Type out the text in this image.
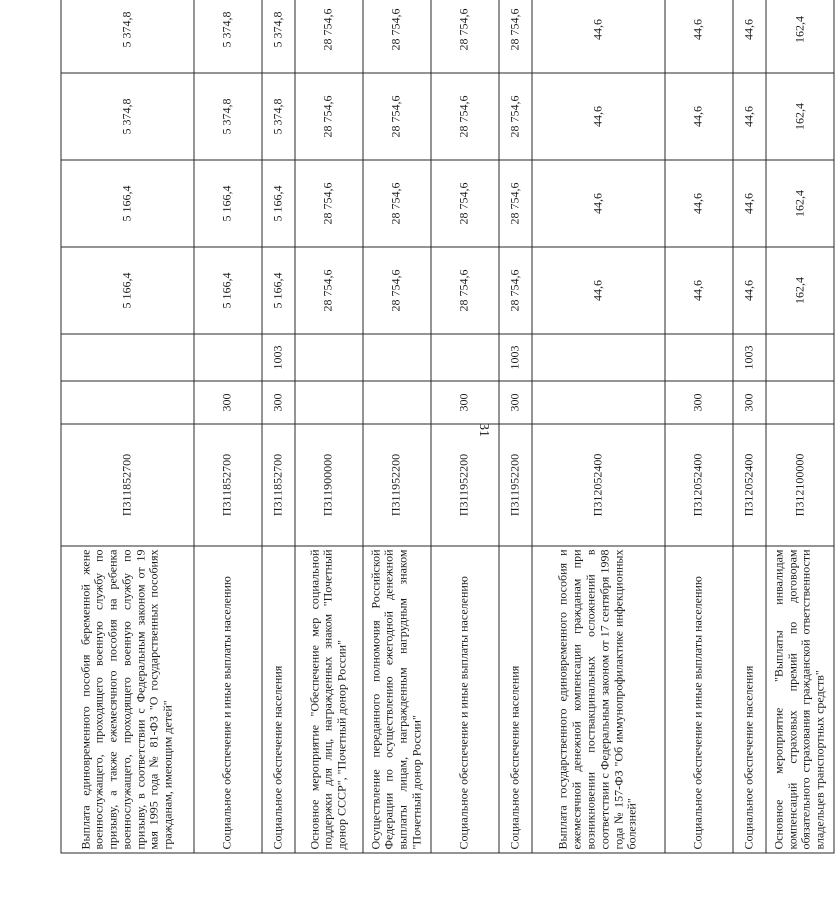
31
Выплата единовременного пособия беременной жене военнослужащего, проходящего военную службу по призыву, а также ежемесячного пособия на ребенка военнослужащего, проходящего военную службу по призыву, в соответствии с Федеральным законом от 19 мая 1995 года № 81-ФЗ "О государственных пособиях гражданам, имеющим детей"	П311852700			5 166,4	5 166,4	5 374,8	5 374,8
Социальное обеспечение и иные выплаты населению	П311852700	300		5 166,4	5 166,4	5 374,8	5 374,8
Социальное обеспечение населения	П311852700	300	1003	5 166,4	5 166,4	5 374,8	5 374,8
Основное мероприятие "Обеспечение мер социальной поддержки для лиц, награжденных знаком "Почетный донор СССР", "Почетный донор России"	П311900000			28 754,6	28 754,6	28 754,6	28 754,6
Осуществление переданного полномочия Российской Федерации по осуществлению ежегодной денежной выплаты лицам, награжденным нагрудным знаком "Почетный донор России"	П311952200			28 754,6	28 754,6	28 754,6	28 754,6
Социальное обеспечение и иные выплаты населению	П311952200	300		28 754,6	28 754,6	28 754,6	28 754,6
Социальное обеспечение населения	П311952200	300	1003	28 754,6	28 754,6	28 754,6	28 754,6
Выплата государственного единовременного пособия и ежемесячной денежной компенсации гражданам при возникновении поствакцинальных осложнений в соответствии с Федеральным законом от 17 сентября 1998 года № 157-ФЗ "Об иммунопрофилактике инфекционных болезней"	П312052400			44,6	44,6	44,6	44,6
Социальное обеспечение и иные выплаты населению	П312052400	300		44,6	44,6	44,6	44,6
Социальное обеспечение населения	П312052400	300	1003	44,6	44,6	44,6	44,6
Основное мероприятие "Выплаты инвалидам компенсаций страховых премий по договорам обязательного страхования гражданской ответственности владельцев транспортных средств"	П312100000			162,4	162,4	162,4	162,4
